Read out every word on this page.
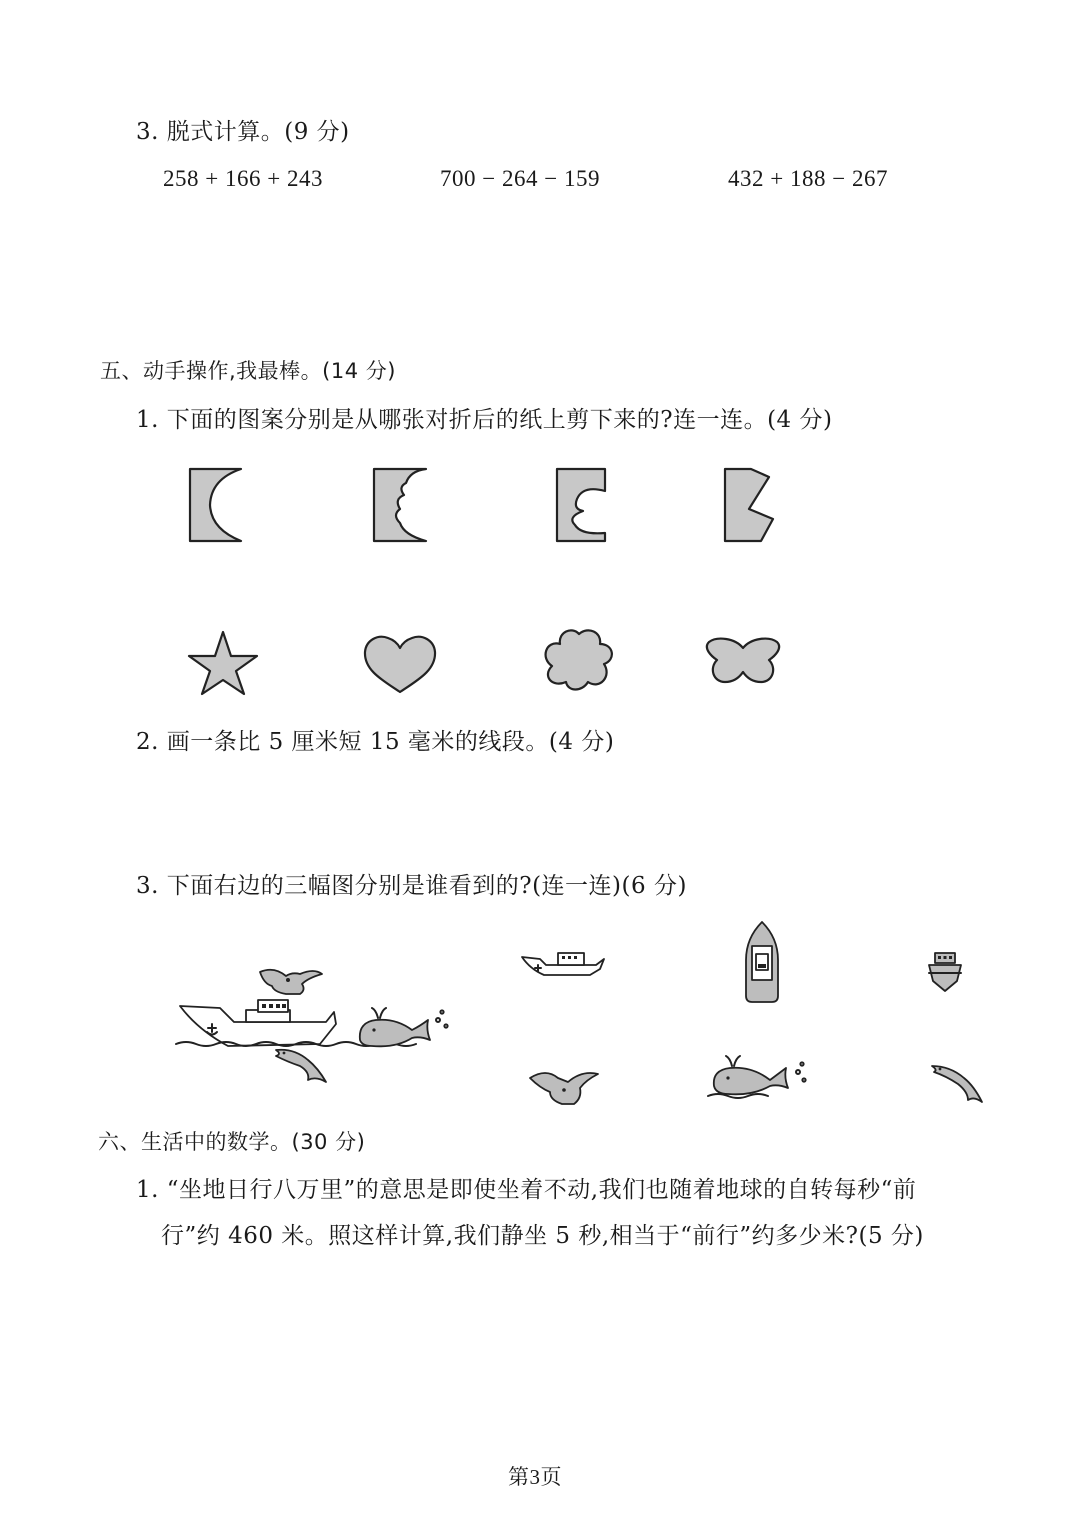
3. 脱式计算。(9 分)
258 + 166 + 243	700 − 264 − 159	432 + 188 − 267
五、动手操作,我最棒。(14 分)
1. 下面的图案分别是从哪张对折后的纸上剪下来的?连一连。(4 分)
2. 画一条比 5 厘米短 15 毫米的线段。(4 分)
3. 下面右边的三幅图分别是谁看到的?(连一连)(6 分)
六、生活中的数学。(30 分)
1. “坐地日行八万里”的意思是即使坐着不动,我们也随着地球的自转每秒“前
行”约 460 米。照这样计算,我们静坐 5 秒,相当于“前行”约多少米?(5 分)
第3页
